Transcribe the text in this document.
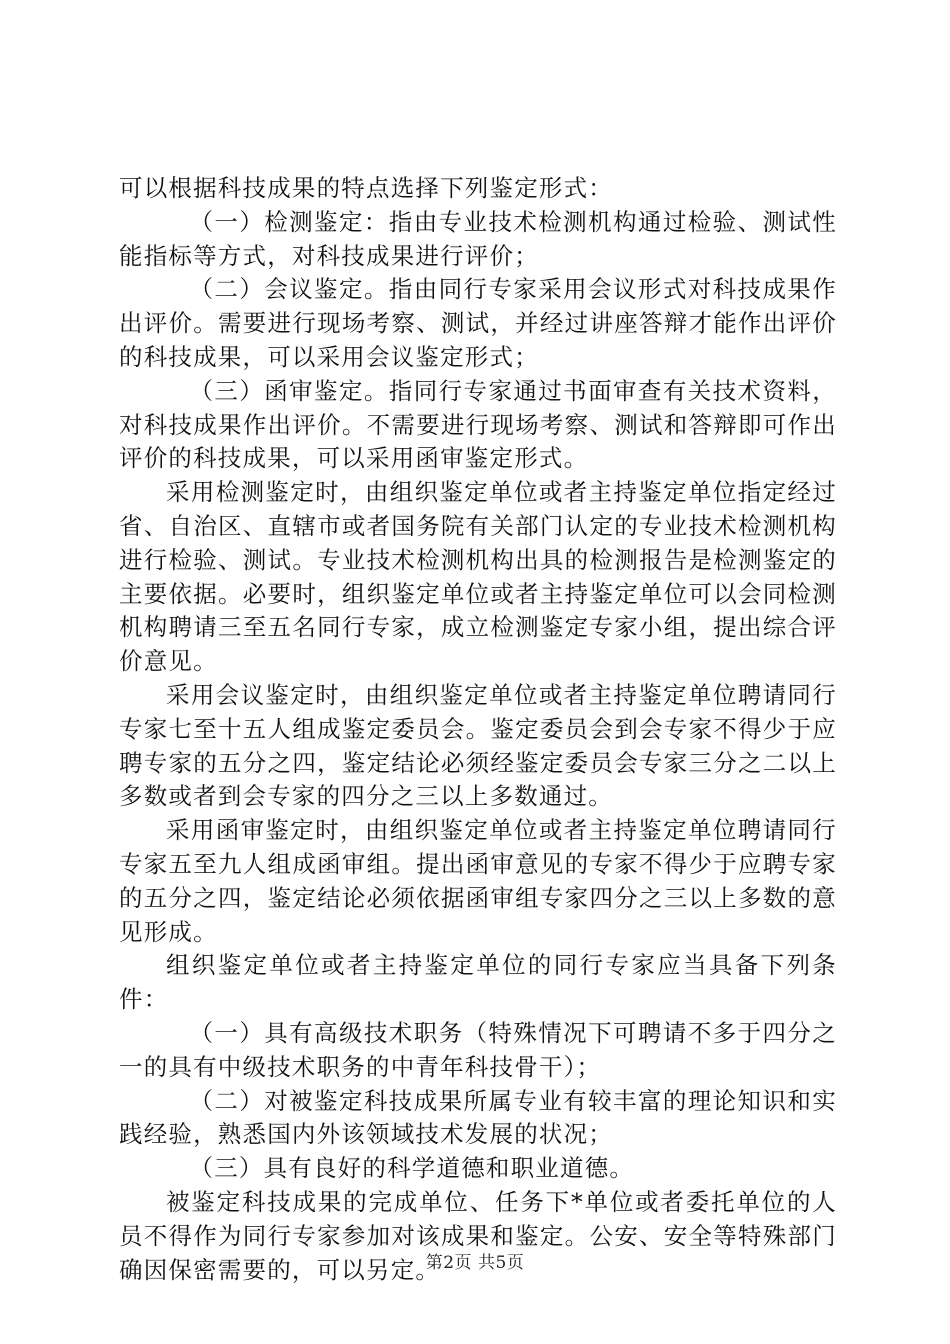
可以根据科技成果的特点选择下列鉴定形式：

（一）检测鉴定：指由专业技术检测机构通过检验、测试性能指标等方式，对科技成果进行评价；

（二）会议鉴定。指由同行专家采用会议形式对科技成果作出评价。需要进行现场考察、测试，并经过讲座答辩才能作出评价的科技成果，可以采用会议鉴定形式；

（三）函审鉴定。指同行专家通过书面审查有关技术资料，对科技成果作出评价。不需要进行现场考察、测试和答辩即可作出评价的科技成果，可以采用函审鉴定形式。

采用检测鉴定时，由组织鉴定单位或者主持鉴定单位指定经过省、自治区、直辖市或者国务院有关部门认定的专业技术检测机构进行检验、测试。专业技术检测机构出具的检测报告是检测鉴定的主要依据。必要时，组织鉴定单位或者主持鉴定单位可以会同检测机构聘请三至五名同行专家，成立检测鉴定专家小组，提出综合评价意见。

采用会议鉴定时，由组织鉴定单位或者主持鉴定单位聘请同行专家七至十五人组成鉴定委员会。鉴定委员会到会专家不得少于应聘专家的五分之四，鉴定结论必须经鉴定委员会专家三分之二以上多数或者到会专家的四分之三以上多数通过。

采用函审鉴定时，由组织鉴定单位或者主持鉴定单位聘请同行专家五至九人组成函审组。提出函审意见的专家不得少于应聘专家的五分之四，鉴定结论必须依据函审组专家四分之三以上多数的意见形成。

组织鉴定单位或者主持鉴定单位的同行专家应当具备下列条件：

（一）具有高级技术职务（特殊情况下可聘请不多于四分之一的具有中级技术职务的中青年科技骨干）；

（二）对被鉴定科技成果所属专业有较丰富的理论知识和实践经验，熟悉国内外该领域技术发展的状况；

（三）具有良好的科学道德和职业道德。

被鉴定科技成果的完成单位、任务下*单位或者委托单位的人员不得作为同行专家参加对该成果和鉴定。公安、安全等特殊部门确因保密需要的，可以另定。

第2页 共5页
